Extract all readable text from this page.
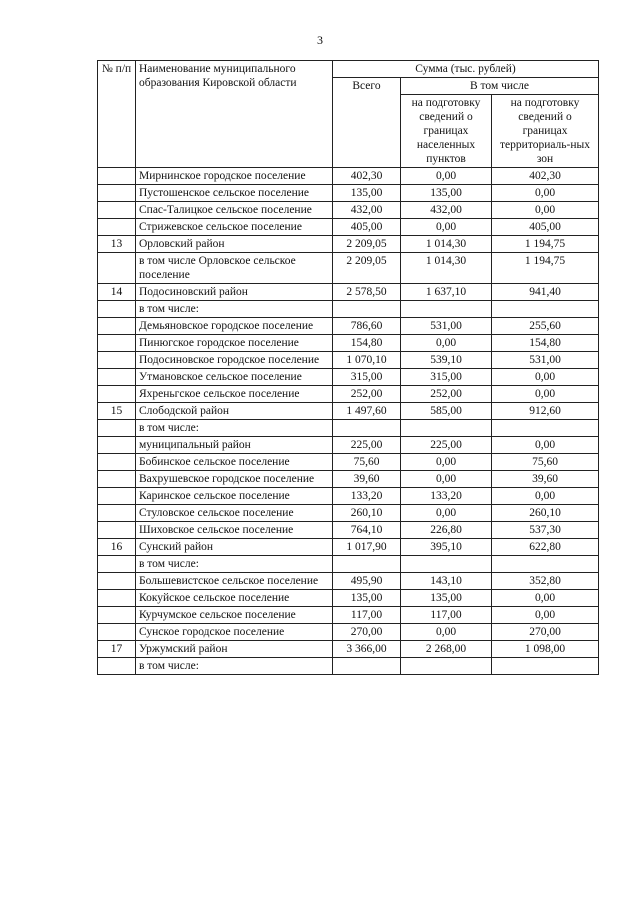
3
№ п/п	Наименование муниципального образования Кировской области	Сумма (тыс. рублей)		
		Всего	В том числе	
			на подготовку сведений о границах населенных пунктов	на подготовку сведений о границах территориаль-ных зон
	Мирнинское городское поселение	402,30	0,00	402,30
	Пустошенское сельское поселение	135,00	135,00	0,00
	Спас-Талицкое сельское поселение	432,00	432,00	0,00
	Стрижевское сельское поселение	405,00	0,00	405,00
13	Орловский район	2 209,05	1 014,30	1 194,75
	в том числе Орловское сельское поселение	2 209,05	1 014,30	1 194,75
14	Подосиновский район	2 578,50	1 637,10	941,40
	в том числе:			
	Демьяновское городское поселение	786,60	531,00	255,60
	Пинюгское городское поселение	154,80	0,00	154,80
	Подосиновское городское поселение	1 070,10	539,10	531,00
	Утмановское сельское поселение	315,00	315,00	0,00
	Яхреньгское сельское поселение	252,00	252,00	0,00
15	Слободской район	1 497,60	585,00	912,60
	в том числе:			
	муниципальный район	225,00	225,00	0,00
	Бобинское сельское поселение	75,60	0,00	75,60
	Вахрушевское городское поселение	39,60	0,00	39,60
	Каринское сельское поселение	133,20	133,20	0,00
	Стуловское сельское поселение	260,10	0,00	260,10
	Шиховское сельское поселение	764,10	226,80	537,30
16	Сунский район	1 017,90	395,10	622,80
	в том числе:			
	Большевистское сельское поселение	495,90	143,10	352,80
	Кокуйское сельское поселение	135,00	135,00	0,00
	Курчумское сельское поселение	117,00	117,00	0,00
	Сунское городское поселение	270,00	0,00	270,00
17	Уржумский район	3 366,00	2 268,00	1 098,00
	в том числе:			
